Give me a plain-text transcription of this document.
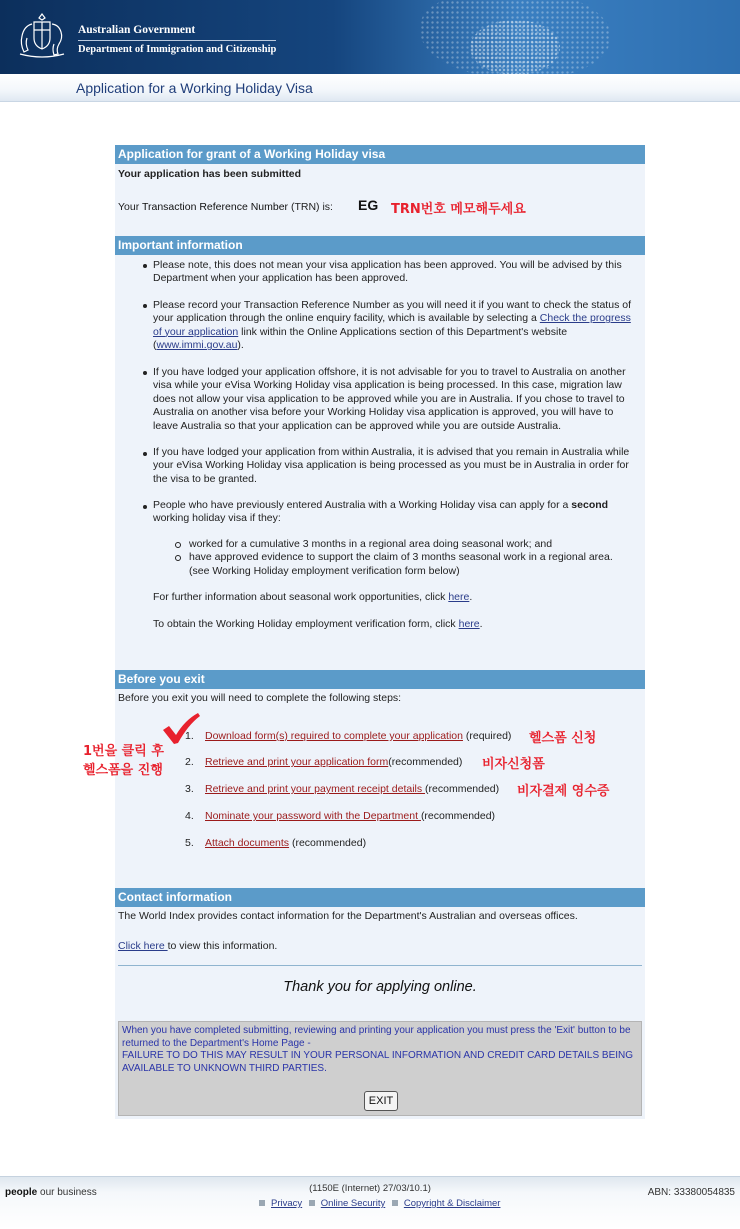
Australian Government
Department of Immigration and Citizenship
Application for a Working Holiday Visa
Application for grant of a Working Holiday visa
Your application has been submitted
Your Transaction Reference Number (TRN) is: EG TRN번호 메모해두세요
Important information
Please note, this does not mean your visa application has been approved. You will be advised by this Department when your application has been approved.
Please record your Transaction Reference Number as you will need it if you want to check the status of your application through the online enquiry facility, which is available by selecting a Check the progress of your application link within the Online Applications section of this Department's website (www.immi.gov.au).
If you have lodged your application offshore, it is not advisable for you to travel to Australia on another visa while your eVisa Working Holiday visa application is being processed. In this case, migration law does not allow your visa application to be approved while you are in Australia. If you chose to travel to Australia on another visa before your Working Holiday visa application is approved, you will have to leave Australia so that your application can be approved while you are outside Australia.
If you have lodged your application from within Australia, it is advised that you remain in Australia while your eVisa Working Holiday visa application is being processed as you must be in Australia in order for the visa to be granted.
People who have previously entered Australia with a Working Holiday visa can apply for a second working holiday visa if they:
worked for a cumulative 3 months in a regional area doing seasonal work; and
have approved evidence to support the claim of 3 months seasonal work in a regional area.
(see Working Holiday employment verification form below)
For further information about seasonal work opportunities, click here.
To obtain the Working Holiday employment verification form, click here.
Before you exit
Before you exit you will need to complete the following steps:
1. Download form(s) required to complete your application (required) 헬스폼 신청
2. Retrieve and print your application form(recommended) 비자신청폼
3. Retrieve and print your payment receipt details (recommended) 비자결제 영수증
4. Nominate your password with the Department (recommended)
5. Attach documents (recommended)
Contact information
The World Index provides contact information for the Department's Australian and overseas offices.
Click here to view this information.
Thank you for applying online.
When you have completed submitting, reviewing and printing your application you must press the 'Exit' button to be returned to the Department's Home Page -
FAILURE TO DO THIS MAY RESULT IN YOUR PERSONAL INFORMATION AND CREDIT CARD DETAILS BEING AVAILABLE TO UNKNOWN THIRD PARTIES.
EXIT
1번을 클릭 후
헬스폼을 진행
people our business	(1150E (Internet) 27/03/10.1)
Privacy Online Security Copyright & Disclaimer
ABN: 33380054835
